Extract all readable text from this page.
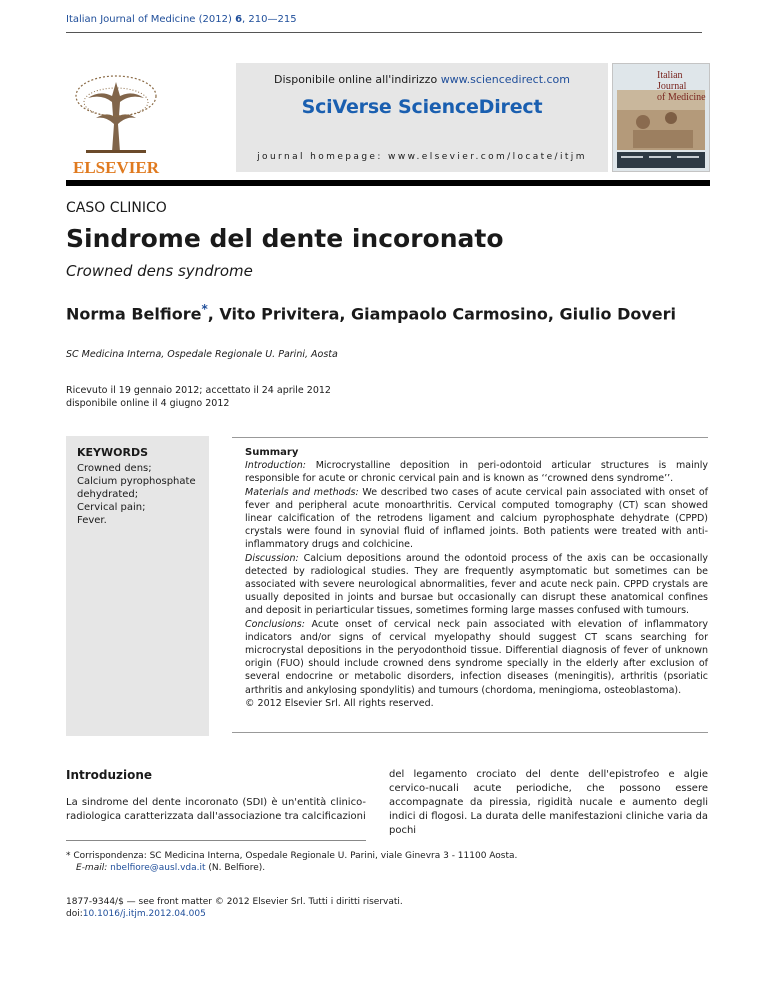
Italian Journal of Medicine (2012) 6, 210—215
ELSEVIER
Disponibile online all'indirizzo www.sciencedirect.com
SciVerse ScienceDirect
journal homepage: www.elsevier.com/locate/itjm
Italian Journal
of Medicine
CASO CLINICO
Sindrome del dente incoronato
Crowned dens syndrome
Norma Belfiore*, Vito Privitera, Giampaolo Carmosino, Giulio Doveri
SC Medicina Interna, Ospedale Regionale U. Parini, Aosta
Ricevuto il 19 gennaio 2012; accettato il 24 aprile 2012
disponibile online il 4 giugno 2012
KEYWORDS
Crowned dens;
Calcium pyrophosphate
dehydrated;
Cervical pain;
Fever.

Summary

Introduction: Microcrystalline deposition in peri-odontoid articular structures is mainly responsible for acute or chronic cervical pain and is known as ‘‘crowned dens syndrome’’.

Materials and methods: We described two cases of acute cervical pain associated with onset of fever and peripheral acute monoarthritis. Cervical computed tomography (CT) scan showed linear calcification of the retrodens ligament and calcium pyrophosphate dehydrate (CPPD) crystals were found in synovial fluid of inflamed joints. Both patients were treated with anti-inflammatory drugs and colchicine.

Discussion: Calcium depositions around the odontoid process of the axis can be occasionally detected by radiological studies. They are frequently asymptomatic but sometimes can be associated with severe neurological abnormalities, fever and acute neck pain. CPPD crystals are usually deposited in joints and bursae but occasionally can disrupt these anatomical confines and deposit in periarticular tissues, sometimes forming large masses confused with tumours.

Conclusions: Acute onset of cervical neck pain associated with elevation of inflammatory indicators and/or signs of cervical myelopathy should suggest CT scans searching for microcrystal depositions in the peryodonthoid tissue. Differential diagnosis of fever of unknown origin (FUO) should include crowned dens syndrome specially in the elderly after exclusion of several endocrine or metabolic disorders, infection diseases (meningitis), arthritis (psoriatic arthritis and ankylosing spondylitis) and tumours (chordoma, meningioma, osteoblastoma).

© 2012 Elsevier Srl. All rights reserved.

Introduzione

La sindrome del dente incoronato (SDI) è un'entità clinico-radiologica caratterizzata dall'associazione tra calcificazioni

del legamento crociato del dente dell'epistrofeo e algie cervico-nucali acute periodiche, che possono essere accompagnate da piressia, rigidità nucale e aumento degli indici di flogosi. La durata delle manifestazioni cliniche varia da pochi

* Corrispondenza: SC Medicina Interna, Ospedale Regionale U. Parini, viale Ginevra 3 - 11100 Aosta.
E-mail: nbelfiore@ausl.vda.it (N. Belfiore).
1877-9344/$ — see front matter © 2012 Elsevier Srl. Tutti i diritti riservati.
doi:10.1016/j.itjm.2012.04.005
